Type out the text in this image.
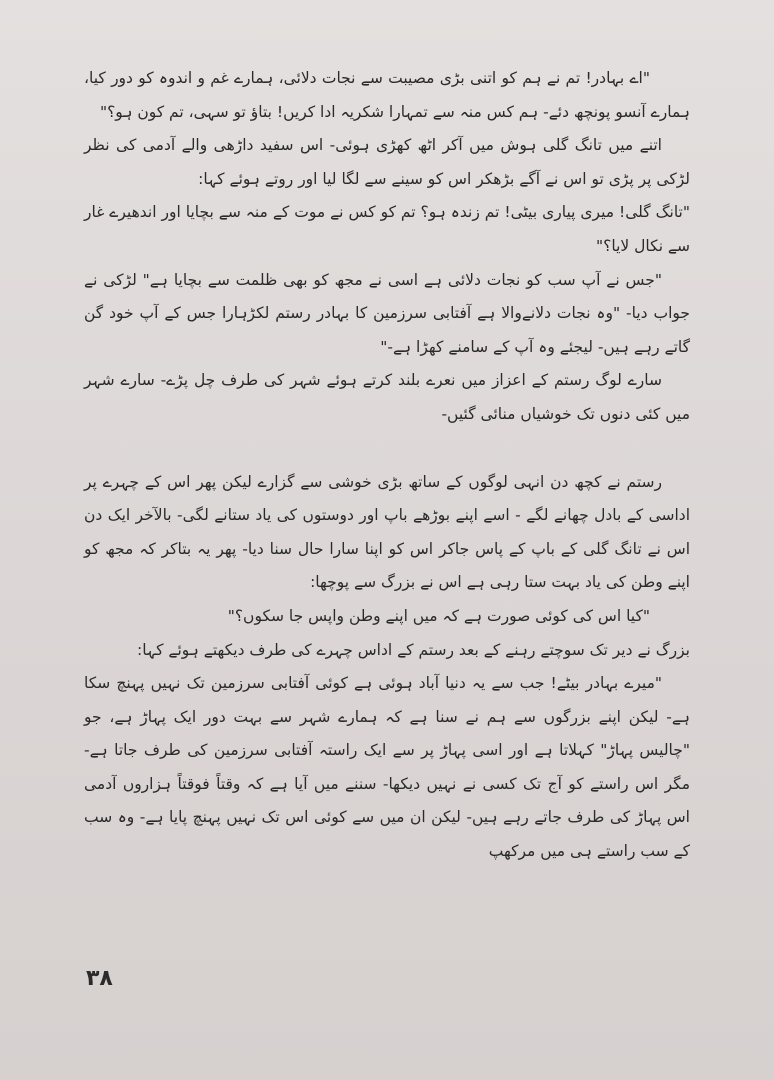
"اے بہادر! تم نے ہم کو اتنی بڑی مصیبت سے نجات دلائی، ہمارے غم و اندوہ کو دور کیا، ہمارے آنسو پونچھ دئے- ہم کس منہ سے تمہارا شکریہ ادا کریں! بتاؤ تو سہی، تم کون ہو؟"

اتنے میں تانگ گلی ہوش میں آکر اٹھ کھڑی ہوئی- اس سفید داڑھی والے آدمی کی نظر لڑکی پر پڑی تو اس نے آگے بڑھکر اس کو سینے سے لگا لیا اور روتے ہوئے کہا:

"تانگ گلی! میری پیاری بیٹی! تم زندہ ہو؟ تم کو کس نے موت کے منہ سے بچایا اور اندھیرے غار سے نکال لایا؟"

"جس نے آپ سب کو نجات دلائی ہے اسی نے مجھ کو بھی ظلمت سے بچایا ہے" لڑکی نے جواب دیا- "وہ نجات دلانےوالا ہے آفتابی سرزمین کا بہادر رستم لکڑہارا جس کے آپ خود گن گاتے رہے ہیں- لیجئے وہ آپ کے سامنے کھڑا ہے-"

سارے لوگ رستم کے اعزاز میں نعرے بلند کرتے ہوئے شہر کی طرف چل پڑے- سارے شہر میں کئی دنوں تک خوشیاں منائی گئیں-

رستم نے کچھ دن انہی لوگوں کے ساتھ بڑی خوشی سے گزارے لیکن پھر اس کے چہرے پر اداسی کے بادل چھانے لگے - اسے اپنے بوڑھے باپ اور دوستوں کی یاد ستانے لگی- بالآخر ایک دن اس نے تانگ گلی کے باپ کے پاس جاکر اس کو اپنا سارا حال سنا دیا- پھر یہ بتاکر کہ مجھ کو اپنے وطن کی یاد بہت ستا رہی ہے اس نے بزرگ سے پوچھا:

"کیا اس کی کوئی صورت ہے کہ میں اپنے وطن واپس جا سکوں؟"

بزرگ نے دیر تک سوچتے رہنے کے بعد رستم کے اداس چہرے کی طرف دیکھتے ہوئے کہا:

"میرے بہادر بیٹے! جب سے یہ دنیا آباد ہوئی ہے کوئی آفتابی سرزمین تک نہیں پہنچ سکا ہے- لیکن اپنے بزرگوں سے ہم نے سنا ہے کہ ہمارے شہر سے بہت دور ایک پہاڑ ہے، جو "چالیس پہاڑ" کہلاتا ہے اور اسی پہاڑ پر سے ایک راستہ آفتابی سرزمین کی طرف جاتا ہے- مگر اس راستے کو آج تک کسی نے نہیں دیکھا- سننے میں آیا ہے کہ وقتاً فوقتاً ہزاروں آدمی اس پہاڑ کی طرف جاتے رہے ہیں- لیکن ان میں سے کوئی اس تک نہیں پہنچ پایا ہے- وہ سب کے سب راستے ہی میں مرکھپ

۳۸
